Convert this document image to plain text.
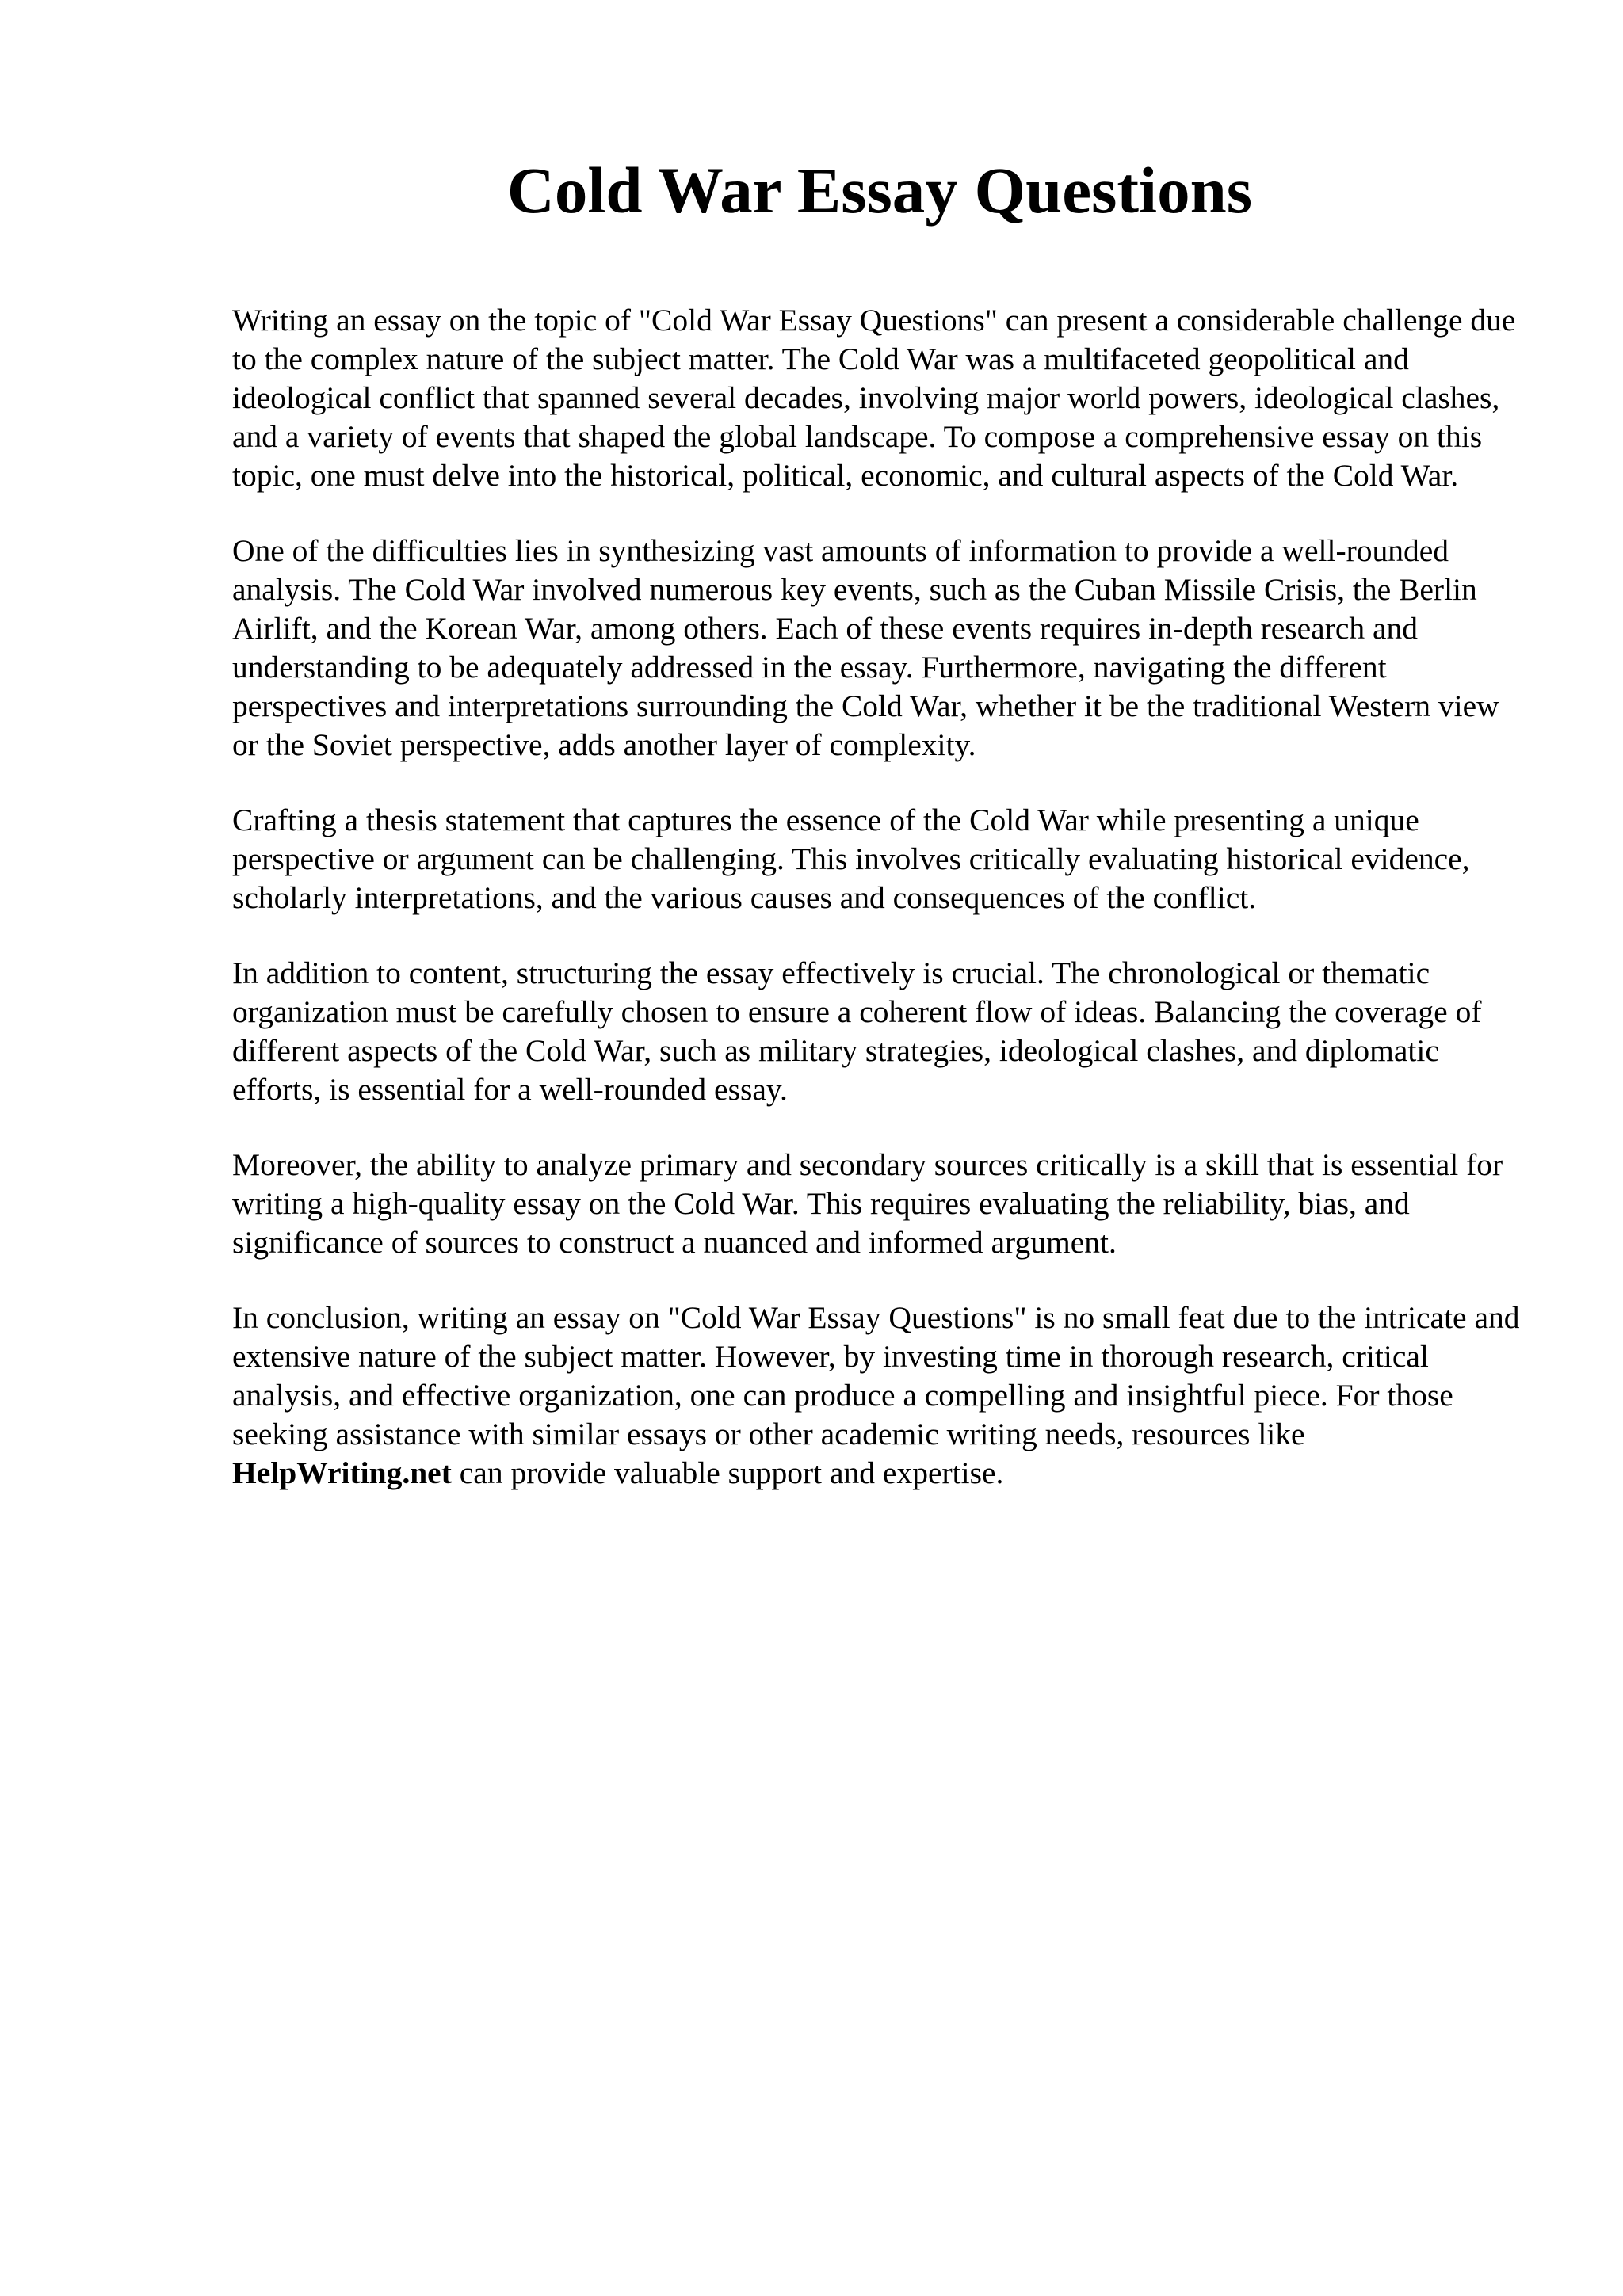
Cold War Essay Questions

Writing an essay on the topic of "Cold War Essay Questions" can present a considerable challenge due to the complex nature of the subject matter. The Cold War was a multifaceted geopolitical and ideological conflict that spanned several decades, involving major world powers, ideological clashes, and a variety of events that shaped the global landscape. To compose a comprehensive essay on this topic, one must delve into the historical, political, economic, and cultural aspects of the Cold War.

One of the difficulties lies in synthesizing vast amounts of information to provide a well-rounded analysis. The Cold War involved numerous key events, such as the Cuban Missile Crisis, the Berlin Airlift, and the Korean War, among others. Each of these events requires in-depth research and understanding to be adequately addressed in the essay. Furthermore, navigating the different perspectives and interpretations surrounding the Cold War, whether it be the traditional Western view or the Soviet perspective, adds another layer of complexity.

Crafting a thesis statement that captures the essence of the Cold War while presenting a unique perspective or argument can be challenging. This involves critically evaluating historical evidence, scholarly interpretations, and the various causes and consequences of the conflict.

In addition to content, structuring the essay effectively is crucial. The chronological or thematic organization must be carefully chosen to ensure a coherent flow of ideas. Balancing the coverage of different aspects of the Cold War, such as military strategies, ideological clashes, and diplomatic efforts, is essential for a well-rounded essay.

Moreover, the ability to analyze primary and secondary sources critically is a skill that is essential for writing a high-quality essay on the Cold War. This requires evaluating the reliability, bias, and significance of sources to construct a nuanced and informed argument.

In conclusion, writing an essay on "Cold War Essay Questions" is no small feat due to the intricate and extensive nature of the subject matter. However, by investing time in thorough research, critical analysis, and effective organization, one can produce a compelling and insightful piece. For those seeking assistance with similar essays or other academic writing needs, resources like HelpWriting.net can provide valuable support and expertise.
